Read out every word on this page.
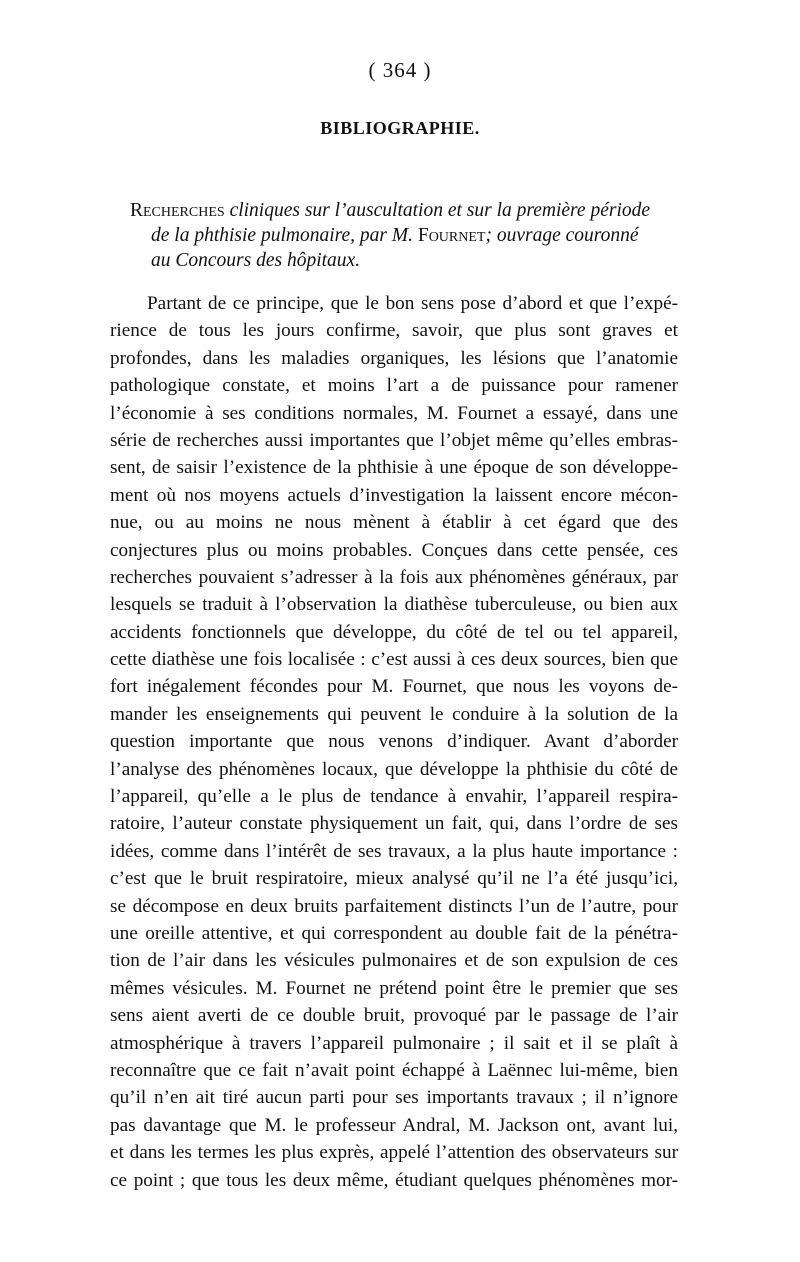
( 364 )
BIBLIOGRAPHIE.
Recherches cliniques sur l’auscultation et sur la première période
de la phthisie pulmonaire, par M. Fournet; ouvrage couronné
au Concours des hôpitaux.
Partant de ce principe, que le bon sens pose d’abord et que l’expé-
rience de tous les jours confirme, savoir, que plus sont graves et
profondes, dans les maladies organiques, les lésions que l’anatomie
pathologique constate, et moins l’art a de puissance pour ramener
l’économie à ses conditions normales, M. Fournet a essayé, dans une
série de recherches aussi importantes que l’objet même qu’elles embras-
sent, de saisir l’existence de la phthisie à une époque de son développe-
ment où nos moyens actuels d’investigation la laissent encore mécon-
nue, ou au moins ne nous mènent à établir à cet égard que des
conjectures plus ou moins probables. Conçues dans cette pensée, ces
recherches pouvaient s’adresser à la fois aux phénomènes généraux, par
lesquels se traduit à l’observation la diathèse tuberculeuse, ou bien aux
accidents fonctionnels que développe, du côté de tel ou tel appareil,
cette diathèse une fois localisée : c’est aussi à ces deux sources, bien que
fort inégalement fécondes pour M. Fournet, que nous les voyons de-
mander les enseignements qui peuvent le conduire à la solution de la
question importante que nous venons d’indiquer. Avant d’aborder
l’analyse des phénomènes locaux, que développe la phthisie du côté de
l’appareil, qu’elle a le plus de tendance à envahir, l’appareil respira-
ratoire, l’auteur constate physiquement un fait, qui, dans l’ordre de ses
idées, comme dans l’intérêt de ses travaux, a la plus haute importance :
c’est que le bruit respiratoire, mieux analysé qu’il ne l’a été jusqu’ici,
se décompose en deux bruits parfaitement distincts l’un de l’autre, pour
une oreille attentive, et qui correspondent au double fait de la pénétra-
tion de l’air dans les vésicules pulmonaires et de son expulsion de ces
mêmes vésicules. M. Fournet ne prétend point être le premier que ses
sens aient averti de ce double bruit, provoqué par le passage de l’air
atmosphérique à travers l’appareil pulmonaire ; il sait et il se plaît à
reconnaître que ce fait n’avait point échappé à Laënnec lui-même, bien
qu’il n’en ait tiré aucun parti pour ses importants travaux ; il n’ignore
pas davantage que M. le professeur Andral, M. Jackson ont, avant lui,
et dans les termes les plus exprès, appelé l’attention des observateurs sur
ce point ; que tous les deux même, étudiant quelques phénomènes mor-
